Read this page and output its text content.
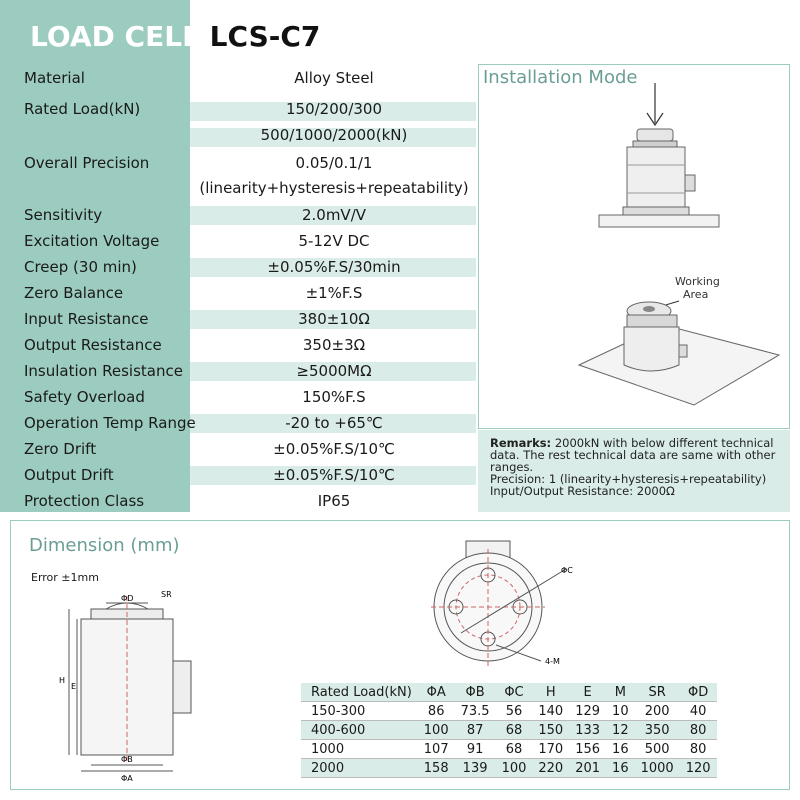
LOAD CELL LCS-C7
Material	Alloy Steel
Rated Load(kN)	150/200/300
500/1000/2000(kN)
Overall Precision	0.05/0.1/1
(linearity+hysteresis+repeatability)
Sensitivity	2.0mV/V
Excitation Voltage	5-12V DC
Creep (30 min)	±0.05%F.S/30min
Zero Balance	±1%F.S
Input Resistance	380±10Ω
Output Resistance	350±3Ω
Insulation Resistance	≥5000MΩ
Safety Overload	150%F.S
Operation Temp Range	-20 to +65℃
Zero Drift	±0.05%F.S/10℃
Output Drift	±0.05%F.S/10℃
Protection Class	IP65
Installation Mode
Working
Area
Remarks: 2000kN with below different technical data. The rest technical data are same with other ranges.
Precision: 1 (linearity+hysteresis+repeatability)
Input/Output Resistance: 2000Ω
Dimension (mm)
Error ±1mm
ΦD	SR
H
E
ΦB
ΦA
ΦC
4-M
Rated Load(kN)	ΦA	ΦB	ΦC	H	E	M	SR	ΦD
150-300	86	73.5	56	140	129	10	200	40
400-600	100	87	68	150	133	12	350	80
1000	107	91	68	170	156	16	500	80
2000	158	139	100	220	201	16	1000	120
